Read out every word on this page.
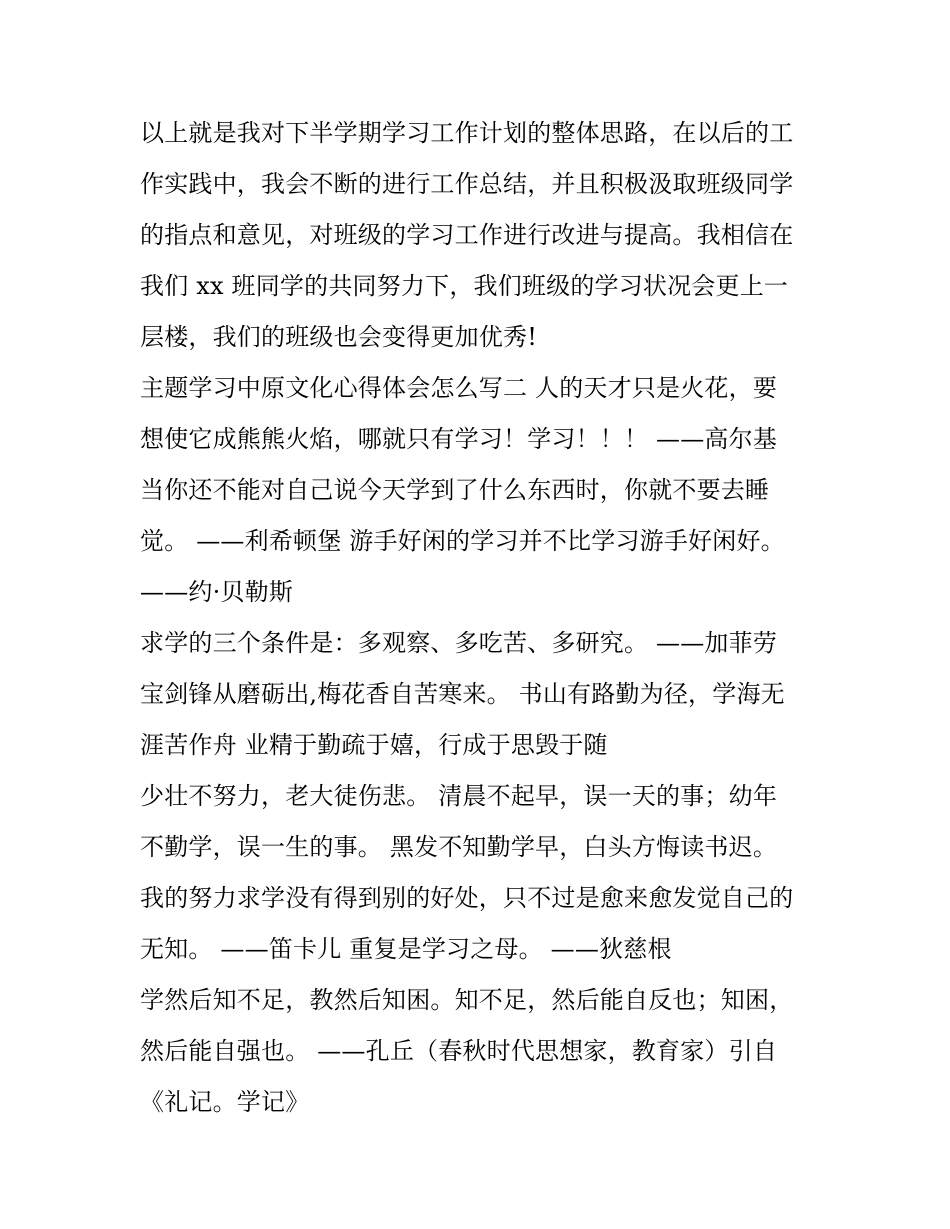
以上就是我对下半学期学习工作计划的整体思路，在以后的工
作实践中，我会不断的进行工作总结，并且积极汲取班级同学
的指点和意见，对班级的学习工作进行改进与提高。我相信在
我们 xx 班同学的共同努力下，我们班级的学习状况会更上一
层楼，我们的班级也会变得更加优秀!
主题学习中原文化心得体会怎么写二 人的天才只是火花，要
想使它成熊熊火焰，哪就只有学习！学习！！！ ——高尔基
当你还不能对自己说今天学到了什么东西时，你就不要去睡
觉。 ——利希顿堡 游手好闲的学习并不比学习游手好闲好。
——约·贝勒斯
求学的三个条件是：多观察、多吃苦、多研究。 ——加菲劳
宝剑锋从磨砺出,梅花香自苦寒来。 书山有路勤为径，学海无
涯苦作舟 业精于勤疏于嬉，行成于思毁于随
少壮不努力，老大徒伤悲。 清晨不起早，误一天的事；幼年
不勤学，误一生的事。 黑发不知勤学早，白头方悔读书迟。
我的努力求学没有得到别的好处，只不过是愈来愈发觉自己的
无知。 ——笛卡儿 重复是学习之母。 ——狄慈根
学然后知不足，教然后知困。知不足，然后能自反也；知困，
然后能自强也。 ——孔丘（春秋时代思想家，教育家）引自
《礼记。学记》
